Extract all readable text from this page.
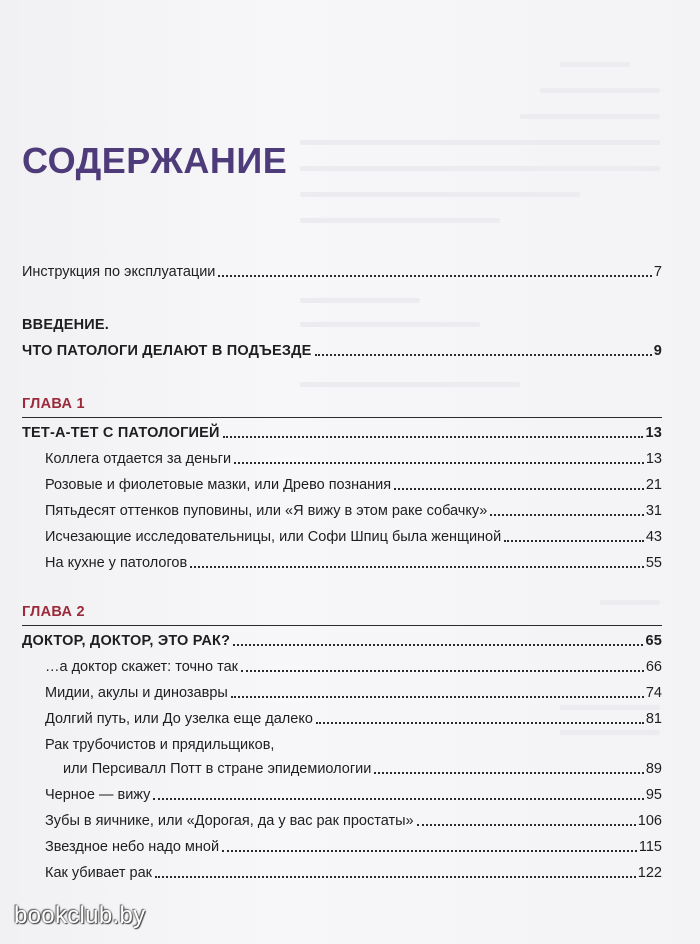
СОДЕРЖАНИЕ
Инструкция по эксплуатации	7
ВВЕДЕНИЕ.
ЧТО ПАТОЛОГИ ДЕЛАЮТ В ПОДЪЕЗДЕ	9
ГЛАВА 1
ТЕТ-А-ТЕТ С ПАТОЛОГИЕЙ	13
Коллега отдается за деньги	13
Розовые и фиолетовые мазки, или Древо познания	21
Пятьдесят оттенков пуповины, или «Я вижу в этом раке собачку»	31
Исчезающие исследовательницы, или Софи Шпиц была женщиной	43
На кухне у патологов	55
ГЛАВА 2
ДОКТОР, ДОКТОР, ЭТО РАК?	65
…а доктор скажет: точно так	66
Мидии, акулы и динозавры	74
Долгий путь, или До узелка еще далеко	81
Рак трубочистов и прядильщиков,
или Персивалл Потт в стране эпидемиологии	89
Черное — вижу	95
Зубы в яичнике, или «Дорогая, да у вас рак простаты»	106
Звездное небо надо мной	115
Как убивает рак	122
bookclub.by
